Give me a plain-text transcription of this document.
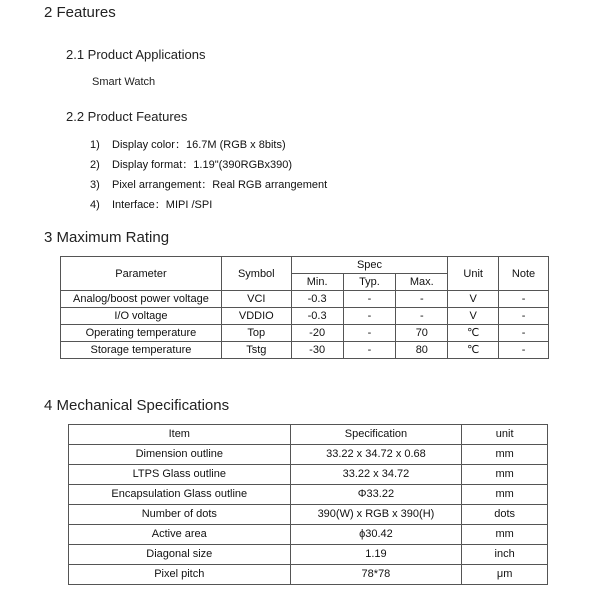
2 Features
2.1 Product Applications
Smart Watch
2.2 Product Features
1) Display color：16.7M (RGB x 8bits)
2) Display format：1.19"(390RGBx390)
3) Pixel arrangement：Real RGB arrangement
4) Interface：MIPI /SPI
3 Maximum Rating
Parameter	Symbol	Spec			Unit	Note
		Min.	Typ.	Max.		
Analog/boost power voltage	VCI	-0.3	-	-	V	-
I/O voltage	VDDIO	-0.3	-	-	V	-
Operating temperature	Top	-20	-	70	℃	-
Storage temperature	Tstg	-30	-	80	℃	-
4 Mechanical Specifications
Item	Specification	unit
Dimension outline	33.22 x 34.72 x 0.68	mm
LTPS Glass outline	33.22 x 34.72	mm
Encapsulation Glass outline	Φ33.22	mm
Number of dots	390(W) x RGB x 390(H)	dots
Active area	ϕ30.42	mm
Diagonal size	1.19	inch
Pixel pitch	78*78	μm
